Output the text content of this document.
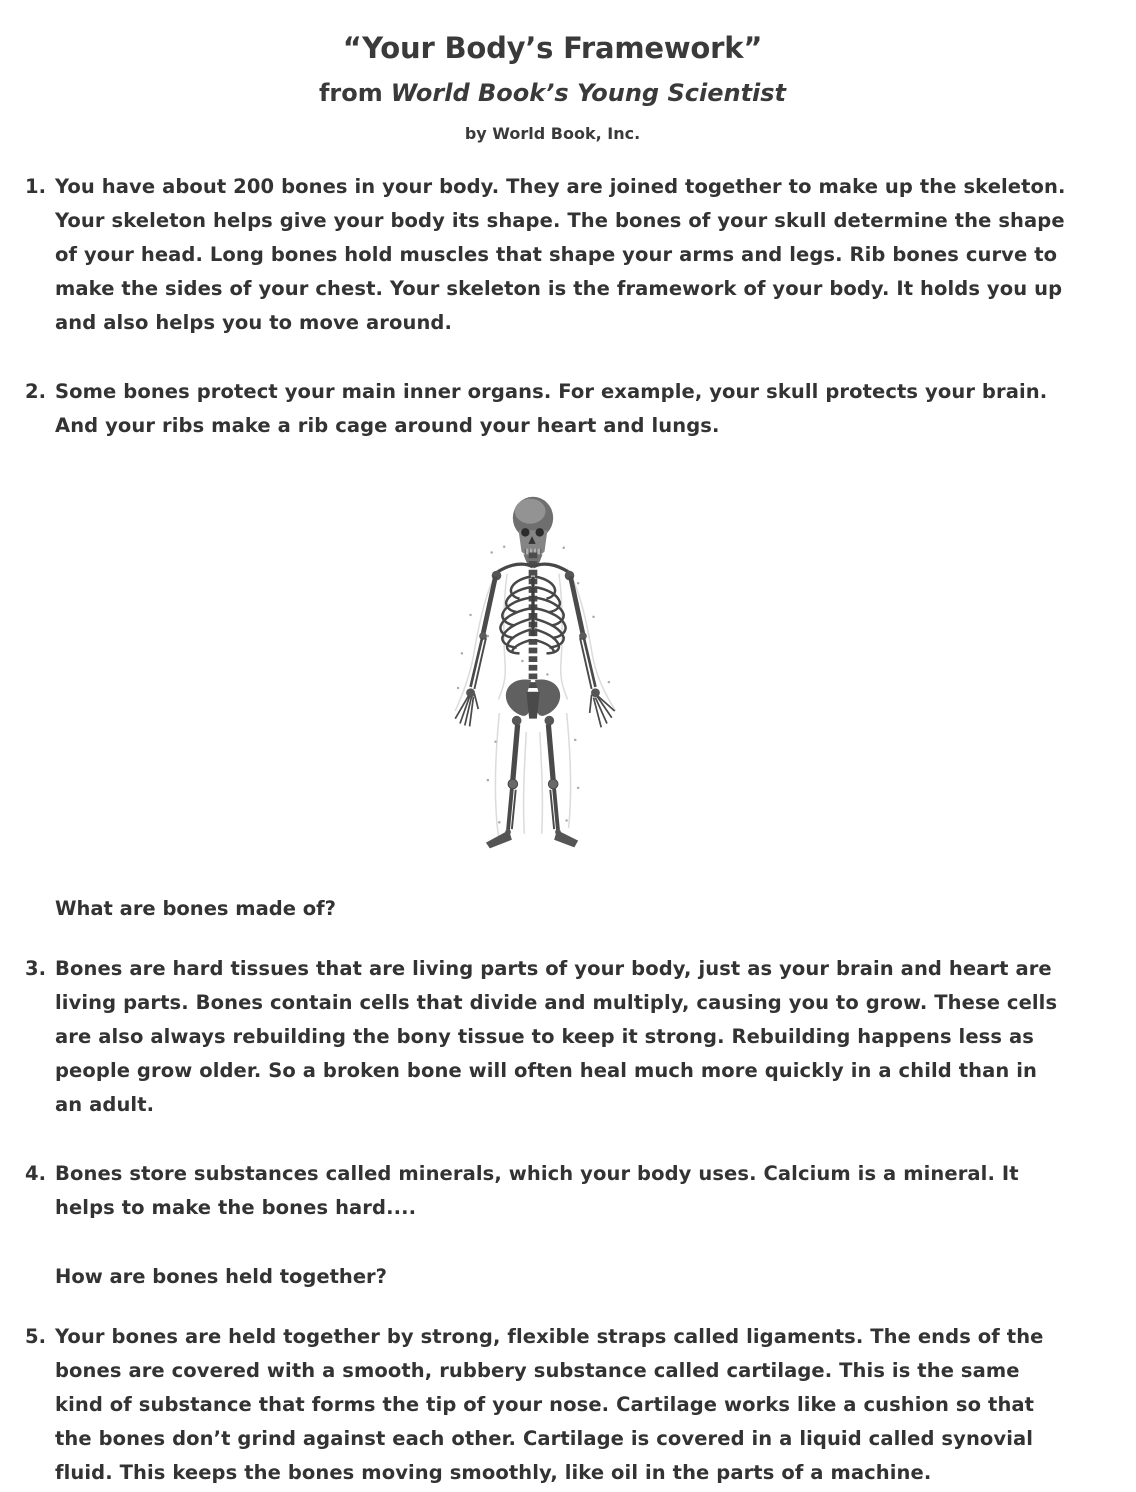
“Your Body’s Framework”
from World Book’s Young Scientist
by World Book, Inc.
1. You have about 200 bones in your body. They are joined together to make up the skeleton. Your skeleton helps give your body its shape. The bones of your skull determine the shape of your head. Long bones hold muscles that shape your arms and legs. Rib bones curve to make the sides of your chest. Your skeleton is the framework of your body. It holds you up and also helps you to move around.
2. Some bones protect your main inner organs. For example, your skull protects your brain. And your ribs make a rib cage around your heart and lungs.
What are bones made of?
3. Bones are hard tissues that are living parts of your body, just as your brain and heart are living parts. Bones contain cells that divide and multiply, causing you to grow. These cells are also always rebuilding the bony tissue to keep it strong. Rebuilding happens less as people grow older. So a broken bone will often heal much more quickly in a child than in an adult.
4. Bones store substances called minerals, which your body uses. Calcium is a mineral. It helps to make the bones hard....
How are bones held together?
5. Your bones are held together by strong, flexible straps called ligaments. The ends of the bones are covered with a smooth, rubbery substance called cartilage. This is the same kind of substance that forms the tip of your nose. Cartilage works like a cushion so that the bones don’t grind against each other. Cartilage is covered in a liquid called synovial fluid. This keeps the bones moving smoothly, like oil in the parts of a machine.
